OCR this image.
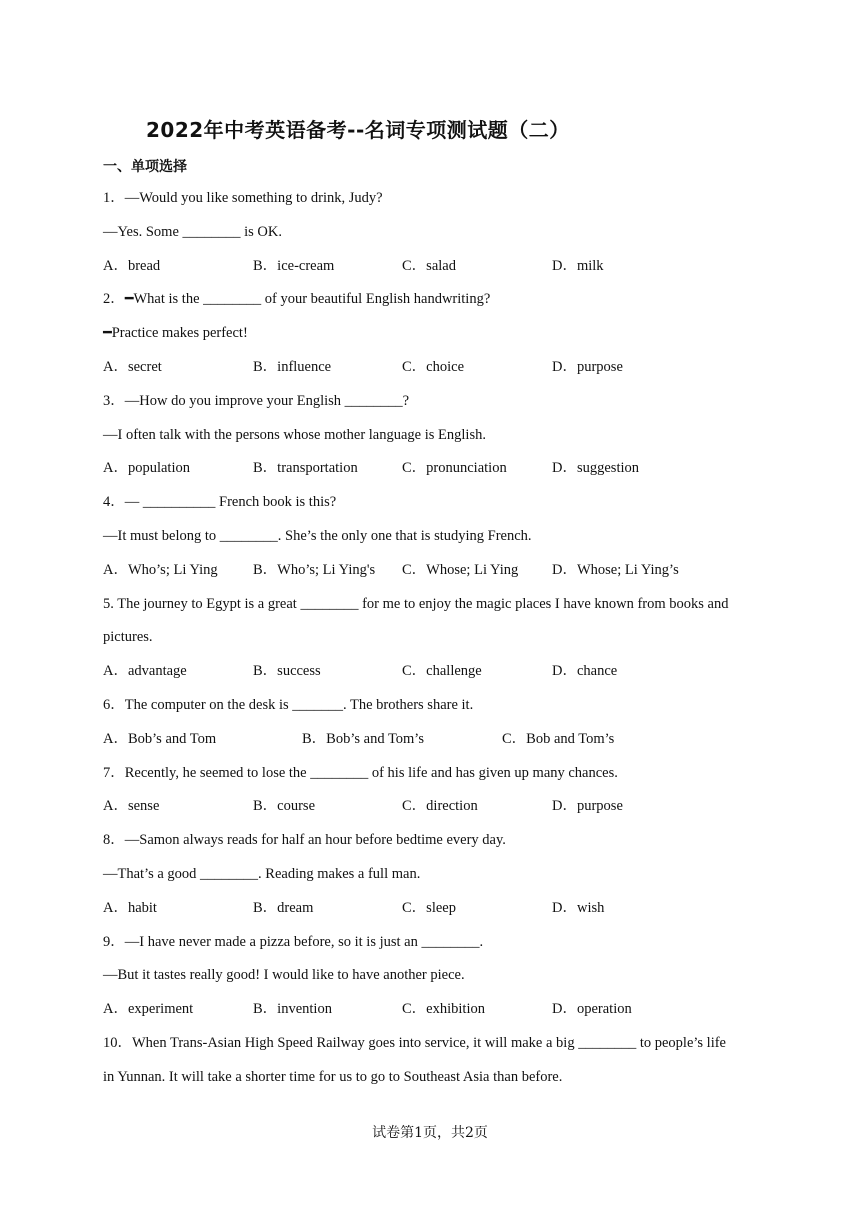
2022年中考英语备考--名词专项测试题（二）
一、单项选择
1．—Would you like something to drink, Judy?
—Yes. Some ________ is OK.
A．bread	B．ice-cream	C．salad	D．milk
2．━What is the ________ of your beautiful English handwriting?
━Practice makes perfect!
A．secret	B．influence	C．choice	D．purpose
3．—How do you improve your English ________?
—I often talk with the persons whose mother language is English.
A．population	B．transportation	C．pronunciation	D．suggestion
4．— __________ French book is this?
—It must belong to ________. She’s the only one that is studying French.
A．Who’s; Li Ying B．Who’s; Li Ying's C．Whose; Li Ying D．Whose; Li Ying’s
5. The journey to Egypt is a great ________ for me to enjoy the magic places I have known from books and
pictures.
A．advantage	B．success	C．challenge	D．chance
6．The computer on the desk is _______. The brothers share it.
A．Bob’s and Tom	B．Bob’s and Tom’s	C．Bob and Tom’s
7．Recently, he seemed to lose the ________ of his life and has given up many chances.
A．sense	B．course	C．direction	D．purpose
8．—Samon always reads for half an hour before bedtime every day.
—That’s a good ________. Reading makes a full man.
A．habit	B．dream	C．sleep	D．wish
9．—I have never made a pizza before, so it is just an ________.
—But it tastes really good! I would like to have another piece.
A．experiment	B．invention	C．exhibition	D．operation
10．When Trans-Asian High Speed Railway goes into service, it will make a big ________ to people’s life
in Yunnan. It will take a shorter time for us to go to Southeast Asia than before.
试卷第1页，共2页
